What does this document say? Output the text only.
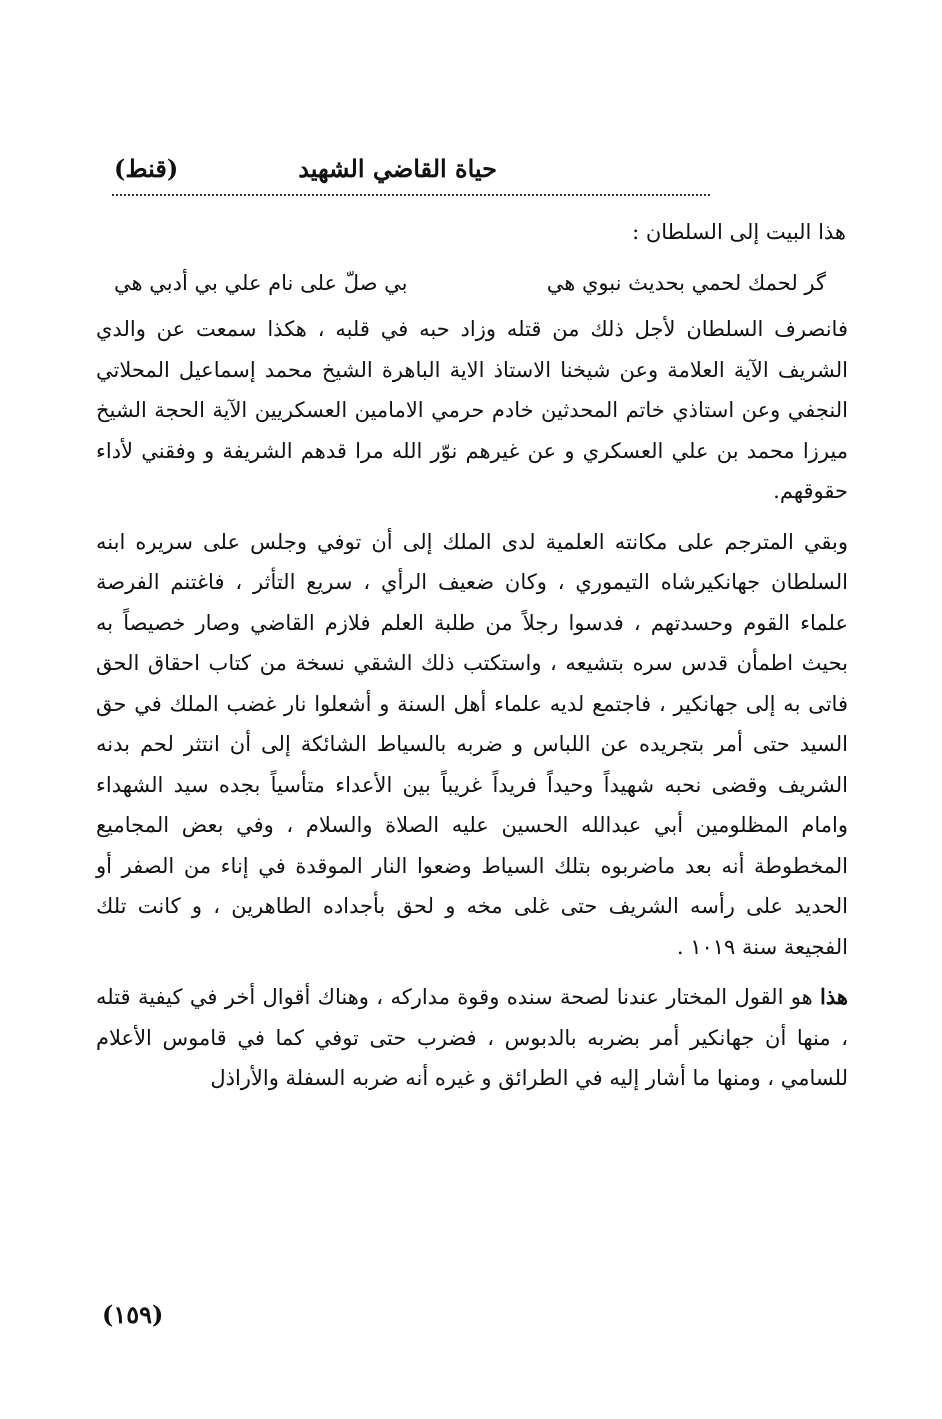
حياة القاضي الشهيد
(قنط)
هذا البيت إلى السلطان :
گر لحمك لحمي بحديث نبوي هي
بي صلّ على نام علي بي أدبي هي

فانصرف السلطان لأجل ذلك من قتله وزاد حبه في قلبه ، هكذا سمعت عن والدي الشريف الآية العلامة وعن شيخنا الاستاذ الاية الباهرة الشيخ محمد إسماعيل المحلاتي النجفي وعن استاذي خاتم المحدثين خادم حرمي الامامين العسكريين الآية الحجة الشيخ ميرزا محمد بن علي العسكري و عن غيرهم نوّر الله مرا قدهم الشريفة و وفقني لأداء حقوقهم.

وبقي المترجم على مكانته العلمية لدى الملك إلى أن توفي وجلس على سريره ابنه السلطان جهانكيرشاه التيموري ، وكان ضعيف الرأي ، سريع التأثر ، فاغتنم الفرصة علماء القوم وحسدتهم ، فدسوا رجلاً من طلبة العلم فلازم القاضي وصار خصيصاً به بحيث اطمأن قدس سره بتشيعه ، واستكتب ذلك الشقي نسخة من كتاب احقاق الحق فاتى به إلى جهانكير ، فاجتمع لديه علماء أهل السنة و أشعلوا نار غضب الملك في حق السيد حتى أمر بتجريده عن اللباس و ضربه بالسياط الشائكة إلى أن انتثر لحم بدنه الشريف وقضى نحبه شهيداً وحيداً فريداً غريباً بين الأعداء متأسياً بجده سيد الشهداء وامام المظلومين أبي عبدالله الحسين عليه الصلاة والسلام ، وفي بعض المجاميع المخطوطة أنه بعد ماضربوه بتلك السياط وضعوا النار الموقدة في إناء من الصفر أو الحديد على رأسه الشريف حتى غلى مخه و لحق بأجداده الطاهرين ، و كانت تلك الفجيعة سنة ١٠١٩ .

هذا هو القول المختار عندنا لصحة سنده وقوة مداركه ، وهناك أقوال أخر في كيفية قتله ، منها أن جهانكير أمر بضربه بالدبوس ، فضرب حتى توفي كما في قاموس الأعلام للسامي ، ومنها ما أشار إليه في الطرائق و غيره أنه ضربه السفلة والأراذل

(١٥٩)
